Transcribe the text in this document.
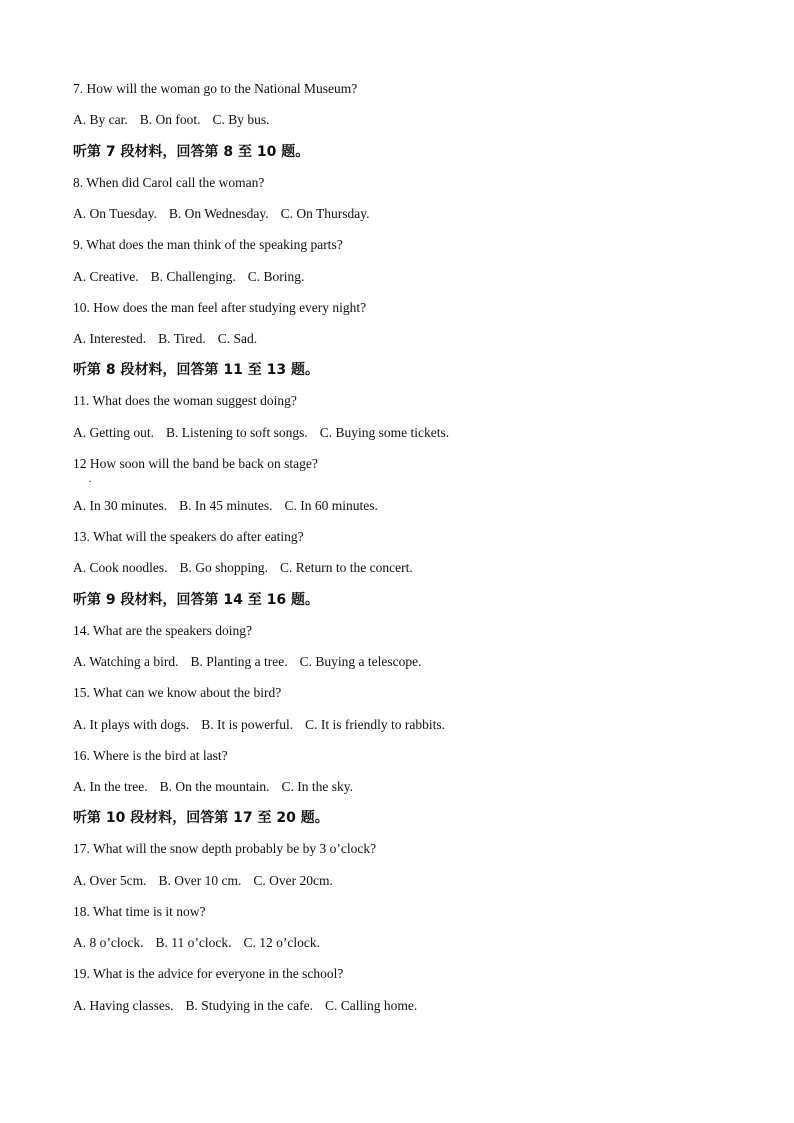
·
7. How will the woman go to the National Museum?
A. By car. B. On foot. C. By bus.
听第 7 段材料，回答第 8 至 10 题。
8. When did Carol call the woman?
A. On Tuesday. B. On Wednesday. C. On Thursday.
9. What does the man think of the speaking parts?
A. Creative. B. Challenging. C. Boring.
10. How does the man feel after studying every night?
A. Interested. B. Tired. C. Sad.
听第 8 段材料，回答第 11 至 13 题。
11. What does the woman suggest doing?
A. Getting out. B. Listening to soft songs. C. Buying some tickets.
12 How soon will the band be back on stage?
A. In 30 minutes. B. In 45 minutes. C. In 60 minutes.
13. What will the speakers do after eating?
A. Cook noodles. B. Go shopping. C. Return to the concert.
听第 9 段材料，回答第 14 至 16 题。
14. What are the speakers doing?
A. Watching a bird. B. Planting a tree. C. Buying a telescope.
15. What can we know about the bird?
A. It plays with dogs. B. It is powerful. C. It is friendly to rabbits.
16. Where is the bird at last?
A. In the tree. B. On the mountain. C. In the sky.
听第 10 段材料，回答第 17 至 20 题。
17. What will the snow depth probably be by 3 o’clock?
A. Over 5cm. B. Over 10 cm. C. Over 20cm.
18. What time is it now?
A. 8 o’clock. B. 11 o’clock. C. 12 o’clock.
19. What is the advice for everyone in the school?
A. Having classes. B. Studying in the cafe. C. Calling home.
